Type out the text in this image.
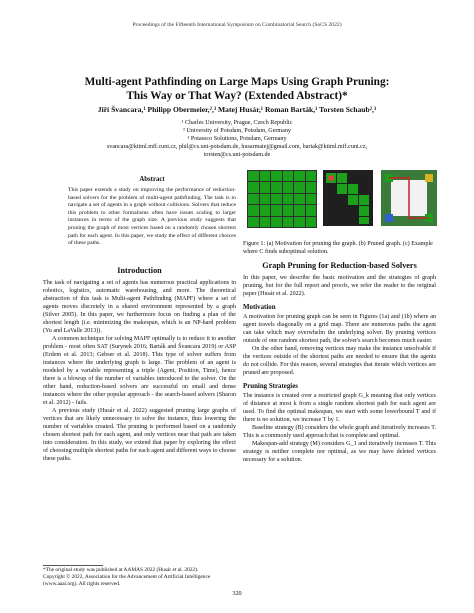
Proceedings of the Fifteenth International Symposium on Combinatorial Search (SoCS 2022)
Multi-agent Pathfinding on Large Maps Using Graph Pruning:
This Way or That Way? (Extended Abstract)*
Jiří Švancara,¹ Philipp Obermeier,²,³ Matej Husár,¹ Roman Barták,¹ Torsten Schaub²,³
¹ Charles University, Prague, Czech Republic
² University of Potsdam, Potsdam, Germany
³ Potassco Solutions, Potsdam, Germany
svancara@ktiml.mff.cuni.cz, phil@cs.uni-potsdam.de, husarmatej@gmail.com, bartak@ktiml.mff.cuni.cz,
torsten@cs.uni-potsdam.de
Abstract
This paper extends a study on improving the performance of reduction-based solvers for the problem of multi-agent pathfinding. The task is to navigate a set of agents in a graph without collisions. Solvers that reduce this problem to other formalisms often have issues scaling to larger instances in terms of the graph size. A previous study suggests that pruning the graph of most vertices based on a randomly chosen shortest path for each agent. In this paper, we study the effect of different choices of these paths.
Introduction
The task of navigating a set of agents has numerous practical applications in robotics, logistics, automatic warehousing, and more. The theoretical abstraction of this task is Multi-agent Pathfinding (MAPF) where a set of agents moves discretely in a shared environment represented by a graph (Silver 2005). In this paper, we furthermore focus on finding a plan of the shortest length (i.e. minimizing the makespan, which is an NP-hard problem (Yu and LaValle 2013)).
A common technique for solving MAPF optimally is to reduce it to another problem - most often SAT (Surynek 2016; Barták and Švancara 2019) or ASP (Erdem et al. 2013; Gebser et al. 2018). This type of solver suffers from instances where the underlying graph is large. The problem of an agent is modeled by a variable representing a triple (Agent, Position, Time), hence there is a blowup of the number of variables introduced to the solver. On the other hand, reduction-based solvers are successful on small and dense instances where the other popular approach - the search-based solvers (Sharon et al. 2012) - fails.
A previous study (Husár et al. 2022) suggested pruning large graphs of vertices that are likely unnecessary to solve the instance, thus lowering the number of variables created. The pruning is performed based on a randomly chosen shortest path for each agent, and only vertices near that path are taken into consideration. In this study, we extend that paper by exploring the effect of choosing multiple shortest paths for each agent and different ways to choose these paths.
*The original study was published at AAMAS 2022 (Husár et al. 2022).
Copyright © 2022, Association for the Advancement of Artificial Intelligence (www.aaai.org). All rights reserved.
Figure 1: (a) Motivation for pruning the graph. (b) Pruned graph. (c) Example where C finds suboptimal solution.
Graph Pruning for Reduction-based Solvers
In this paper, we describe the basic motivation and the strategies of graph pruning, but for the full report and proofs, we refer the reader to the original paper (Husár et al. 2022).
Motivation
A motivation for pruning graph can be seen in Figures (1a) and (1b) where an agent travels diagonally on a grid map. There are numerous paths the agent can take which may overwhelm the underlying solver. By pruning vertices outside of one random shortest path, the solver's search becomes much easier.
On the other hand, removing vertices may make the instance unsolvable if the vertices outside of the shortest paths are needed to ensure that the agents do not collide. For this reason, several strategies that iterate which vertices are pruned are proposed.
Pruning Strategies
The instance is created over a restricted graph G_k meaning that only vertices of distance at most k from a single random shortest path for each agent are used. To find the optimal makespan, we start with some lowerbound T and if there is no solution, we increase T by 1.
Baseline strategy (B) considers the whole graph and iteratively increases T. This is a commonly used approach that is complete and optimal.
Makespan-add strategy (M) considers G_1 and iteratively increases T. This strategy is neither complete nor optimal, as we may have deleted vertices necessary for a solution.
320
